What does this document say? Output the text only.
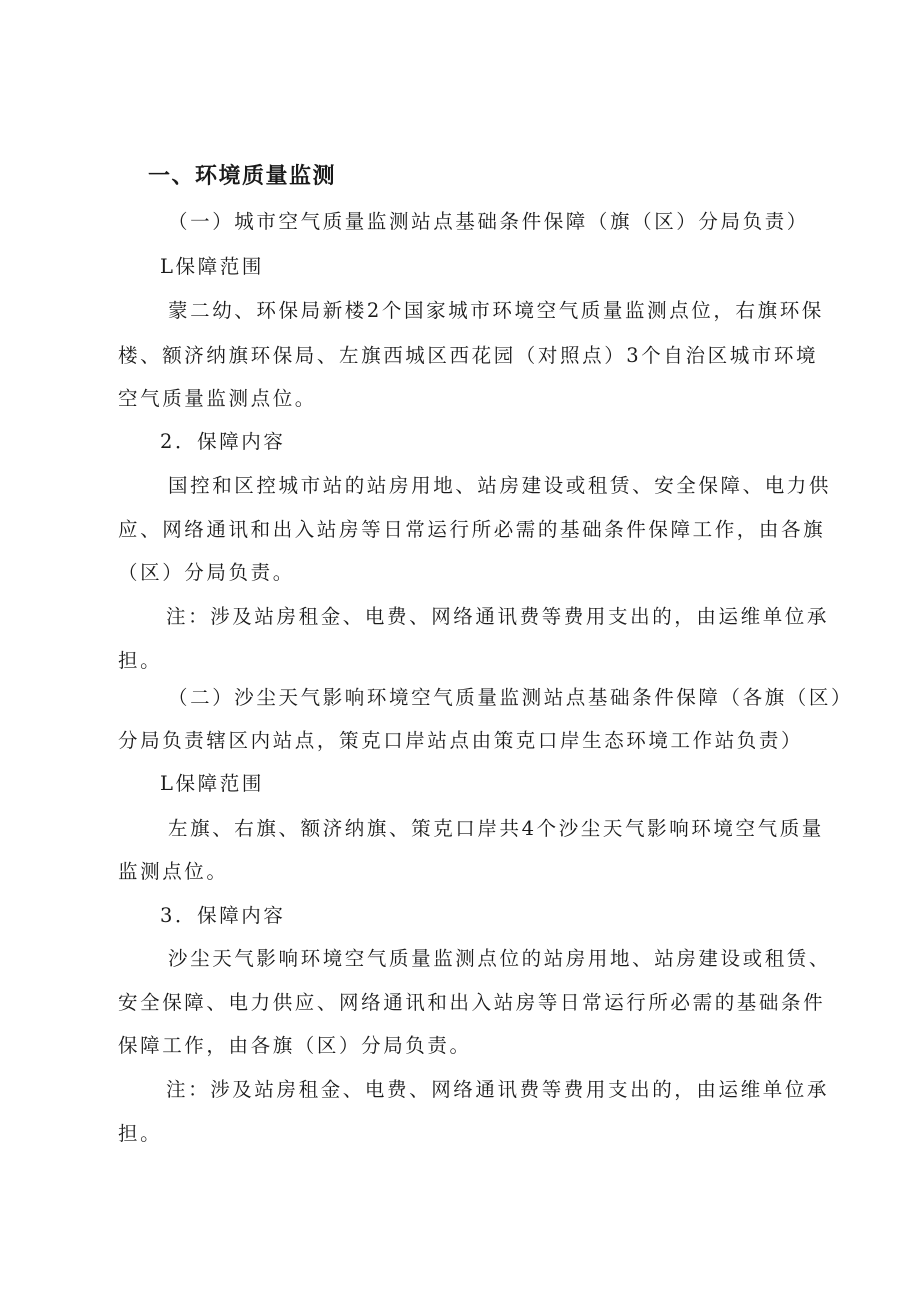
一、环境质量监测
（一）城市空气质量监测站点基础条件保障（旗（区）分局负责）
L保障范围
蒙二幼、环保局新楼2个国家城市环境空气质量监测点位，右旗环保
楼、额济纳旗环保局、左旗西城区西花园（对照点）3个自治区城市环境
空气质量监测点位。
2．保障内容
国控和区控城市站的站房用地、站房建设或租赁、安全保障、电力供
应、网络通讯和出入站房等日常运行所必需的基础条件保障工作，由各旗
（区）分局负责。
注：涉及站房租金、电费、网络通讯费等费用支出的，由运维单位承
担。
（二）沙尘天气影响环境空气质量监测站点基础条件保障（各旗（区）
分局负责辖区内站点，策克口岸站点由策克口岸生态环境工作站负责）
L保障范围
左旗、右旗、额济纳旗、策克口岸共4个沙尘天气影响环境空气质量
监测点位。
3．保障内容
沙尘天气影响环境空气质量监测点位的站房用地、站房建设或租赁、
安全保障、电力供应、网络通讯和出入站房等日常运行所必需的基础条件
保障工作，由各旗（区）分局负责。
注：涉及站房租金、电费、网络通讯费等费用支出的，由运维单位承
担。
